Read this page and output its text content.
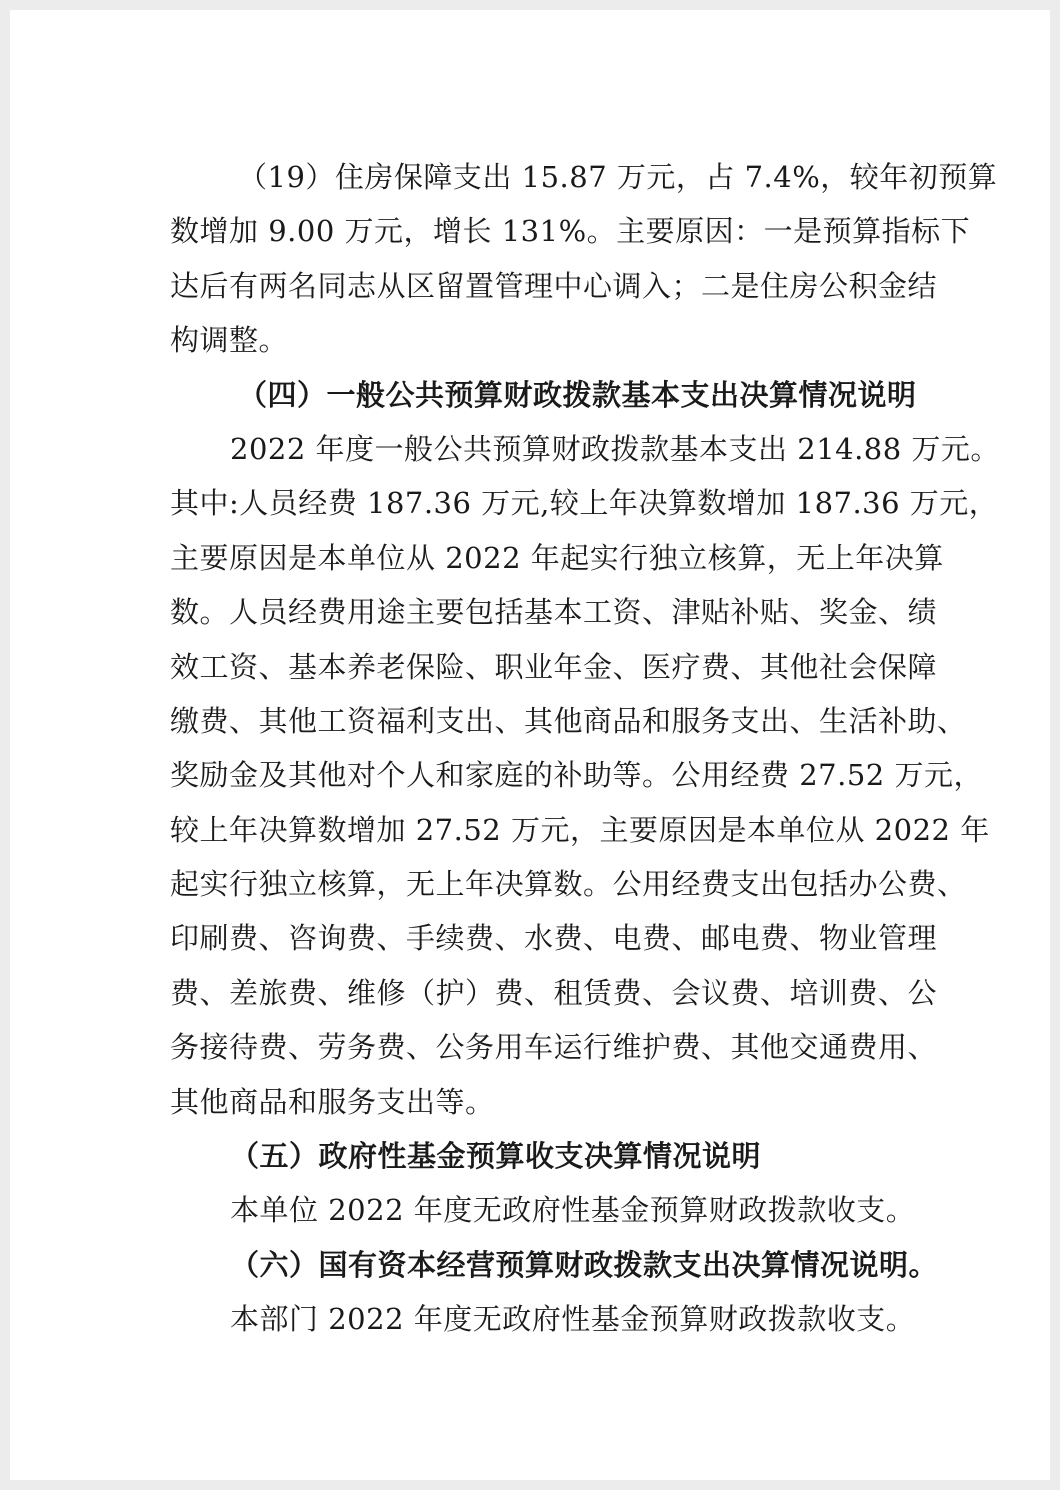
（19）住房保障支出 15.87 万元，占 7.4%，较年初预算
数增加 9.00 万元，增长 131%。主要原因：一是预算指标下
达后有两名同志从区留置管理中心调入；二是住房公积金结
构调整。
（四）一般公共预算财政拨款基本支出决算情况说明
2022 年度一般公共预算财政拨款基本支出 214.88 万元。
其中:人员经费 187.36 万元,较上年决算数增加 187.36 万元，
主要原因是本单位从 2022 年起实行独立核算，无上年决算
数。人员经费用途主要包括基本工资、津贴补贴、奖金、绩
效工资、基本养老保险、职业年金、医疗费、其他社会保障
缴费、其他工资福利支出、其他商品和服务支出、生活补助、
奖励金及其他对个人和家庭的补助等。公用经费 27.52 万元，
较上年决算数增加 27.52 万元，主要原因是本单位从 2022 年
起实行独立核算，无上年决算数。公用经费支出包括办公费、
印刷费、咨询费、手续费、水费、电费、邮电费、物业管理
费、差旅费、维修（护）费、租赁费、会议费、培训费、公
务接待费、劳务费、公务用车运行维护费、其他交通费用、
其他商品和服务支出等。
（五）政府性基金预算收支决算情况说明
本单位 2022 年度无政府性基金预算财政拨款收支。
（六）国有资本经营预算财政拨款支出决算情况说明。
本部门 2022 年度无政府性基金预算财政拨款收支。
